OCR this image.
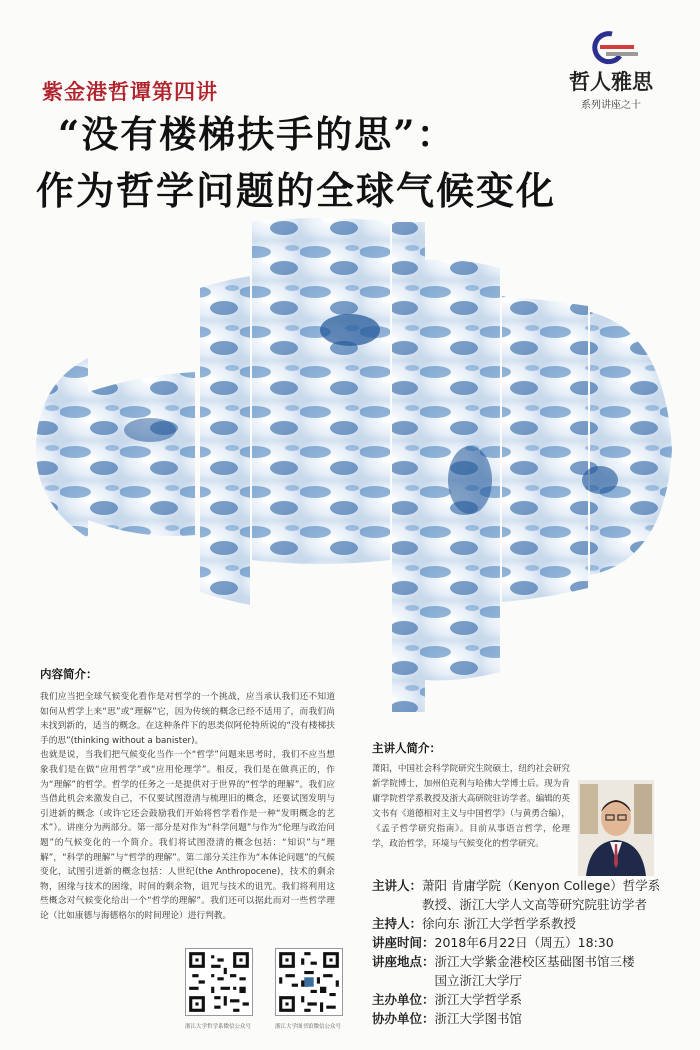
紫金港哲谭第四讲
“没有楼梯扶手的思”：
作为哲学问题的全球气候变化
哲人雅思
系列讲座之十
内容简介：
我们应当把全球气候变化看作是对哲学的一个挑战，应当承认我们还不知道如何从哲学上来“思”或“理解”它，因为传统的概念已经不适用了，而我们尚未找到新的，适当的概念。在这种条件下的思类似阿伦特所说的“没有楼梯扶手的思”(thinking without a banister)。
也就是说，当我们把气候变化当作一个“哲学”问题来思考时，我们不应当想象我们是在做“应用哲学”或“应用伦理学”。相反，我们是在做真正的，作为“理解”的哲学。哲学的任务之一是提供对于世界的“哲学的理解”。我们应当借此机会来激发自己，不仅要试图澄清与梳理旧的概念，还要试图发明与引进新的概念（或许它还会鼓励我们开始将哲学看作是一种“发明概念的艺术”）。讲座分为两部分。第一部分是对作为“科学问题”与作为“伦理与政治问题”的气候变化的一个简介。我们将试图澄清的概念包括：“知识”与“理解”，“科学的理解”与“哲学的理解”。第二部分关注作为“本体论问题”的气候变化，试图引进新的概念包括：人世纪(the Anthropocene)，技术的剩余物，困缘与技术的困缘，时间的剩余物，诅咒与技术的诅咒。我们将利用这些概念对气候变化给出一个“哲学的理解”。我们还可以据此而对一些哲学理论（比如康德与海德格尔的时间理论）进行判教。
浙江大学哲学系微信公众号	浙江大学图书馆微信公众号
主讲人简介：
萧阳，中国社会科学院研究生院硕士，纽约社会研究新学院博士，加州伯克利与哈佛大学博士后。现为肯庸学院哲学系教授及浙大高研院驻访学者。编辑的英文书有《道德相对主义与中国哲学》（与黄勇合编），《孟子哲学研究指南》。目前从事语言哲学，伦理学，政治哲学，环境与气候变化的哲学研究。
主讲人： 萧阳 肯庸学院（Kenyon College）哲学系
教授、浙江大学人文高等研究院驻访学者
主持人： 徐向东 浙江大学哲学系教授
讲座时间： 2018年6月22日（周五）18:30
讲座地点： 浙江大学紫金港校区基础图书馆三楼
国立浙江大学厅
主办单位： 浙江大学哲学系
协办单位： 浙江大学图书馆
